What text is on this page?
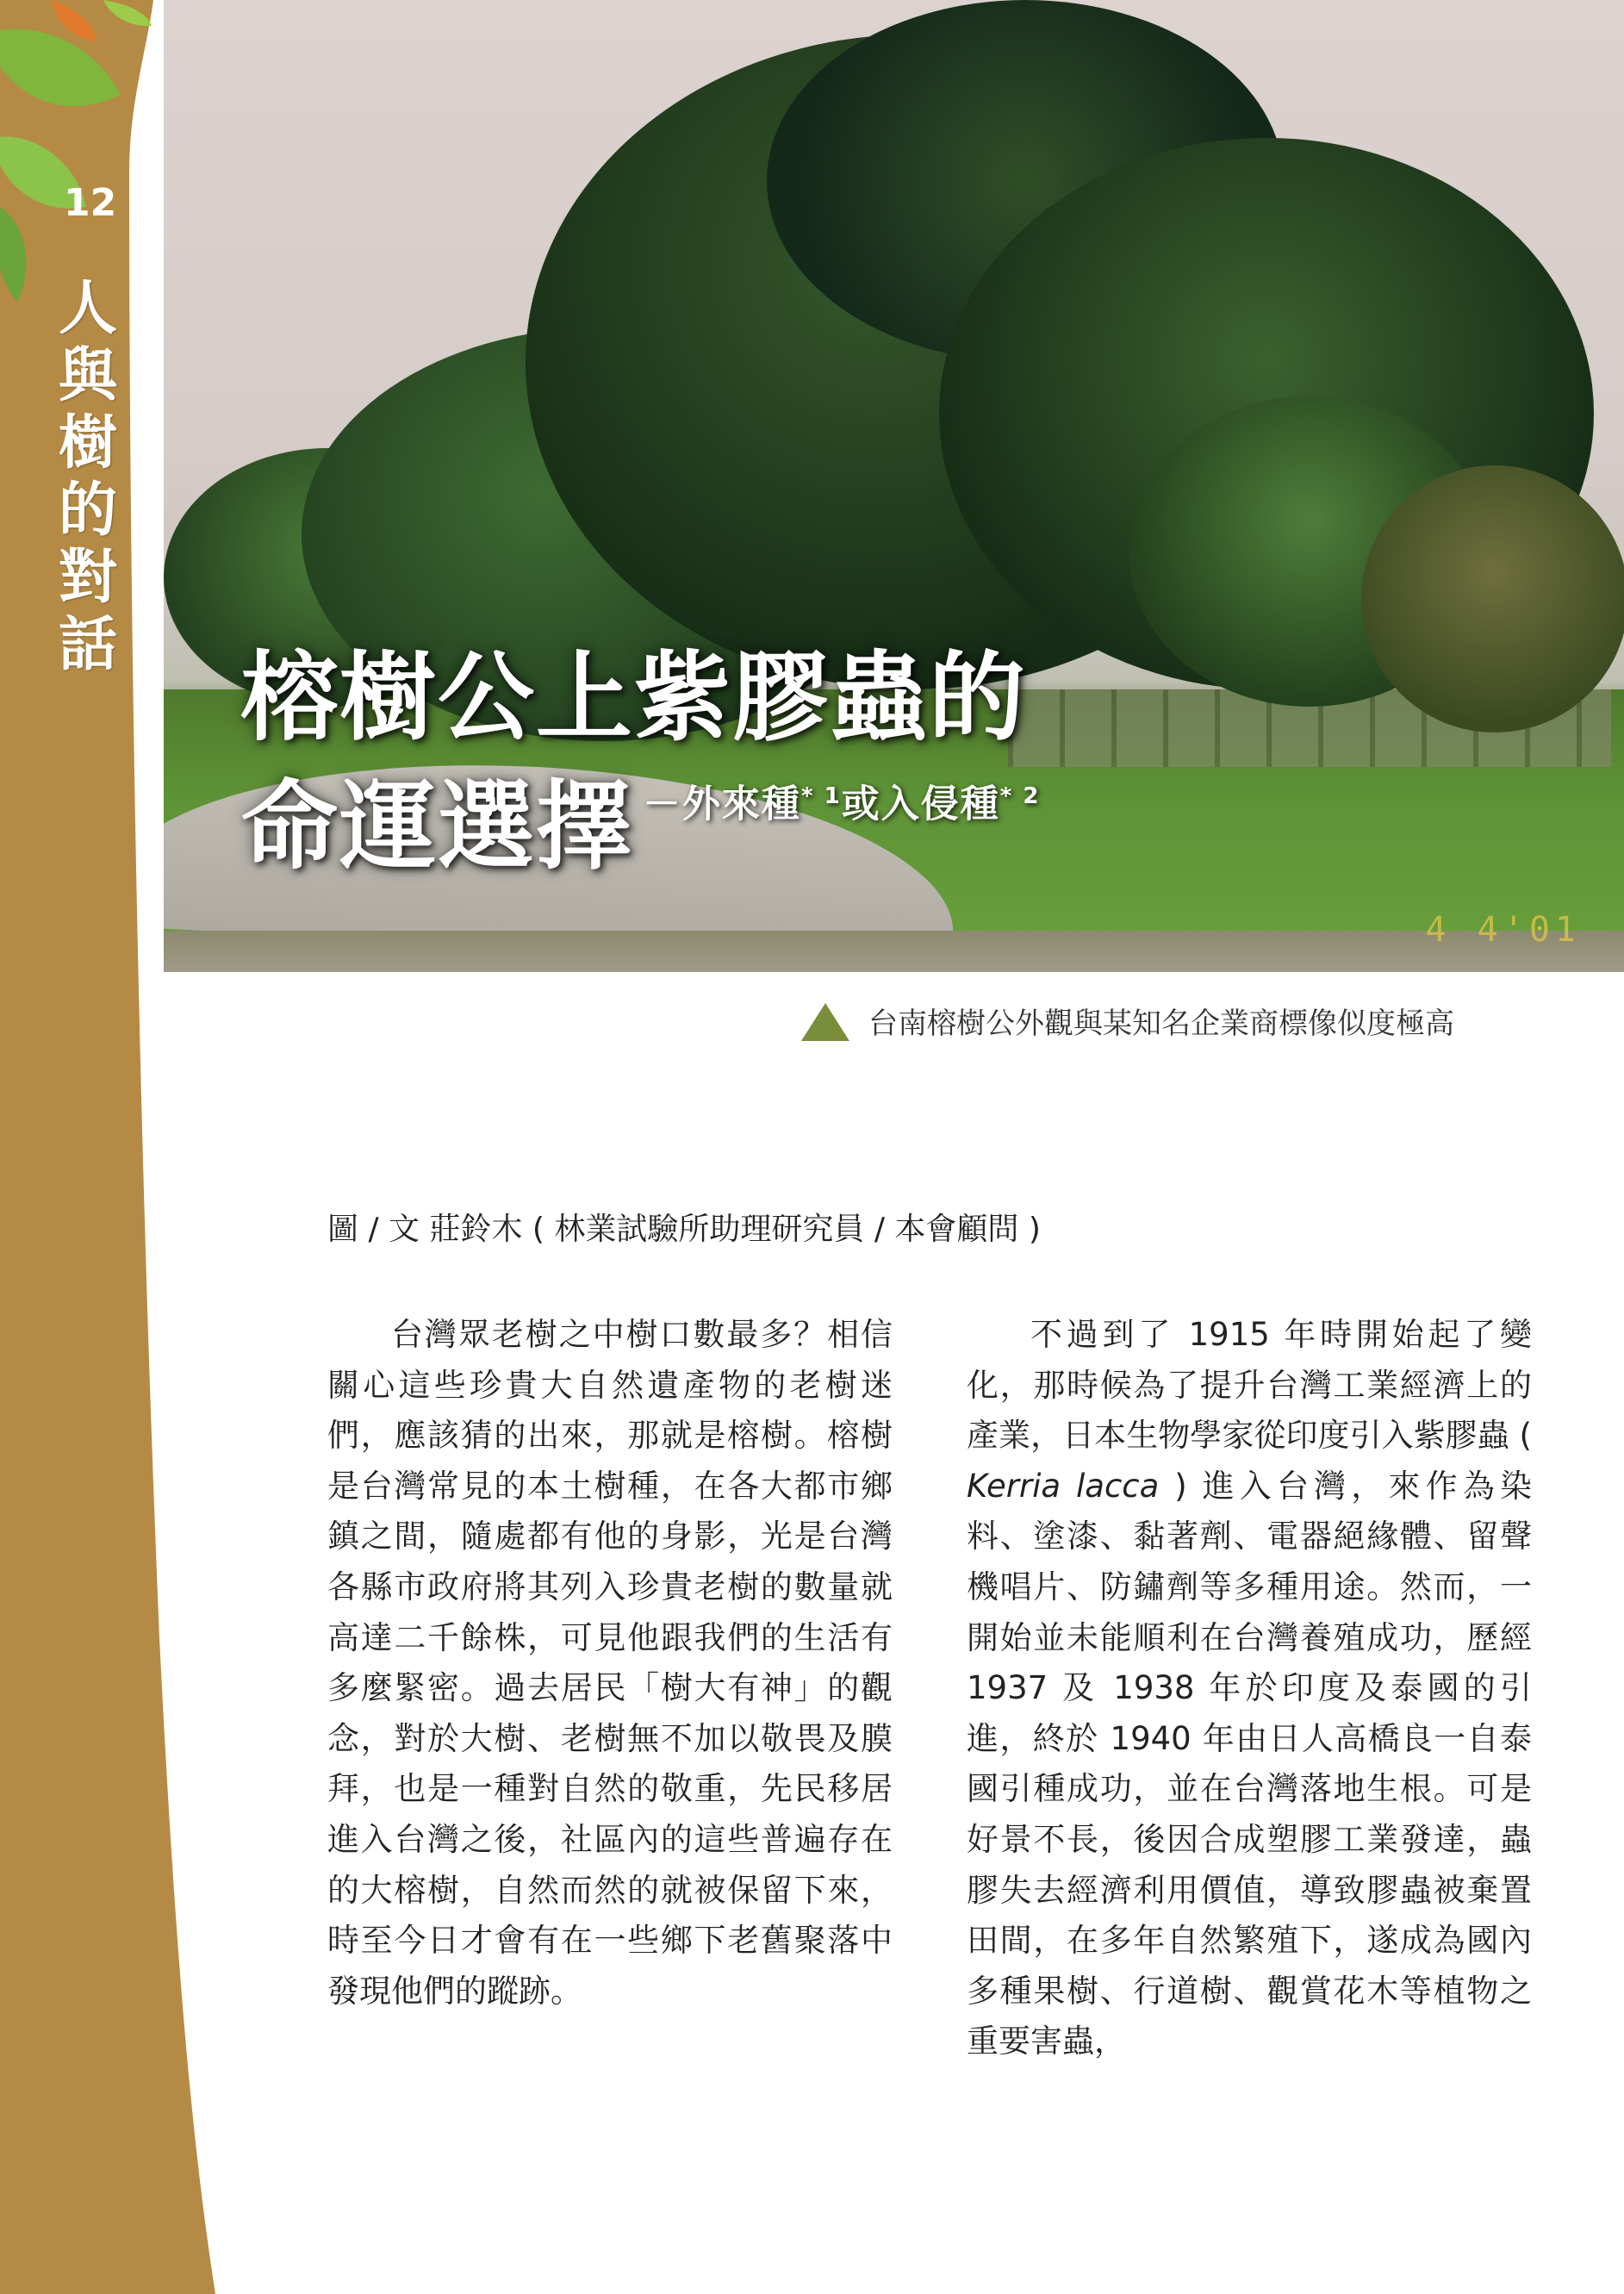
4 4'01
12
人與樹的對話 榕樹公上紫膠蟲的
命運選擇 －外來種$^{* 1}$或入侵種$^{* 2}$
台南榕樹公外觀與某知名企業商標像似度極高
圖 / 文 莊鈴木 ( 林業試驗所助理研究員 / 本會顧問 )

台灣眾老樹之中樹口數最多？相信關心這些珍貴大自然遺產物的老樹迷們，應該猜的出來，那就是榕樹。榕樹是台灣常見的本土樹種，在各大都市鄉鎮之間，隨處都有他的身影，光是台灣各縣市政府將其列入珍貴老樹的數量就高達二千餘株，可見他跟我們的生活有多麼緊密。過去居民「樹大有神」的觀念，對於大樹、老樹無不加以敬畏及膜拜，也是一種對自然的敬重，先民移居進入台灣之後，社區內的這些普遍存在的大榕樹，自然而然的就被保留下來，時至今日才會有在一些鄉下老舊聚落中發現他們的蹤跡。

不過到了 1915 年時開始起了變化，那時候為了提升台灣工業經濟上的產業，日本生物學家從印度引入紫膠蟲 ( Kerria lacca ) 進入台灣，來作為染料、塗漆、黏著劑、電器絕緣體、留聲機唱片、防鏽劑等多種用途。然而，一開始並未能順利在台灣養殖成功，歷經 1937 及 1938 年於印度及泰國的引進，終於 1940 年由日人高橋良一自泰國引種成功，並在台灣落地生根。可是好景不長，後因合成塑膠工業發達，蟲膠失去經濟利用價值，導致膠蟲被棄置田間，在多年自然繁殖下，遂成為國內多種果樹、行道樹、觀賞花木等植物之重要害蟲，
